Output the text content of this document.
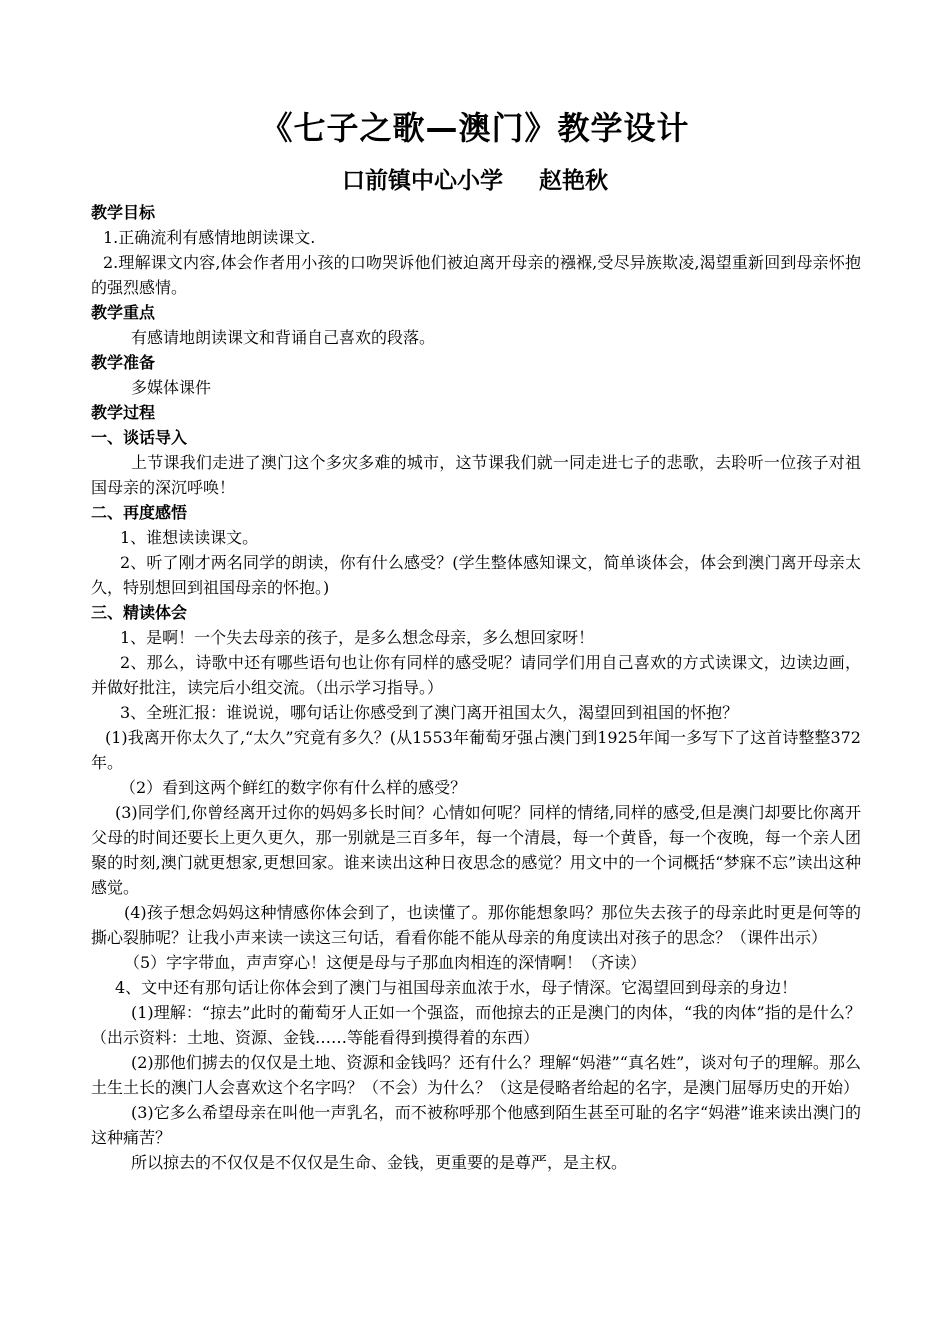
《七子之歌—澳门》教学设计
口前镇中心小学 赵艳秋
教学目标
1.正确流利有感情地朗读课文.
2.理解课文内容,体会作者用小孩的口吻哭诉他们被迫离开母亲的襁褓,受尽异族欺凌,渴望重新回到母亲怀抱的强烈感情。
教学重点
有感请地朗读课文和背诵自己喜欢的段落。
教学准备
多媒体课件
教学过程
一、谈话导入
上节课我们走进了澳门这个多灾多难的城市，这节课我们就一同走进七子的悲歌，去聆听一位孩子对祖国母亲的深沉呼唤！
二、再度感悟
1、谁想读读课文。
2、听了刚才两名同学的朗读，你有什么感受？(学生整体感知课文，简单谈体会，体会到澳门离开母亲太久，特别想回到祖国母亲的怀抱。)
三、精读体会
1、是啊！一个失去母亲的孩子，是多么想念母亲，多么想回家呀！
2、那么，诗歌中还有哪些语句也让你有同样的感受呢？请同学们用自己喜欢的方式读课文，边读边画，并做好批注，读完后小组交流。（出示学习指导。）
3、全班汇报：谁说说，哪句话让你感受到了澳门离开祖国太久，渴望回到祖国的怀抱？
(1)我离开你太久了,“太久”究竟有多久？(从1553年葡萄牙强占澳门到1925年闻一多写下了这首诗整整372年。
（2）看到这两个鲜红的数字你有什么样的感受？
(3)同学们,你曾经离开过你的妈妈多长时间？心情如何呢？同样的情绪,同样的感受,但是澳门却要比你离开父母的时间还要长上更久更久，那一别就是三百多年，每一个清晨，每一个黄昏，每一个夜晚，每一个亲人团聚的时刻,澳门就更想家,更想回家。谁来读出这种日夜思念的感觉？用文中的一个词概括“梦寐不忘”读出这种感觉。
(4)孩子想念妈妈这种情感你体会到了，也读懂了。那你能想象吗？那位失去孩子的母亲此时更是何等的撕心裂肺呢？让我小声来读一读这三句话，看看你能不能从母亲的角度读出对孩子的思念？（课件出示）
（5）字字带血，声声穿心！这便是母与子那血肉相连的深情啊！（齐读）
4、文中还有那句话让你体会到了澳门与祖国母亲血浓于水，母子情深。它渴望回到母亲的身边！
(1)理解：“掠去”此时的葡萄牙人正如一个强盗，而他掠去的正是澳门的肉体，“我的肉体”指的是什么？（出示资料：土地、资源、金钱……等能看得到摸得着的东西）
(2)那他们掳去的仅仅是土地、资源和金钱吗？还有什么？理解“妈港”“真名姓”，谈对句子的理解。那么土生土长的澳门人会喜欢这个名字吗？（不会）为什么？（这是侵略者给起的名字，是澳门屈辱历史的开始）
(3)它多么希望母亲在叫他一声乳名，而不被称呼那个他感到陌生甚至可耻的名字“妈港”谁来读出澳门的这种痛苦？
所以掠去的不仅仅是不仅仅是生命、金钱，更重要的是尊严，是主权。
